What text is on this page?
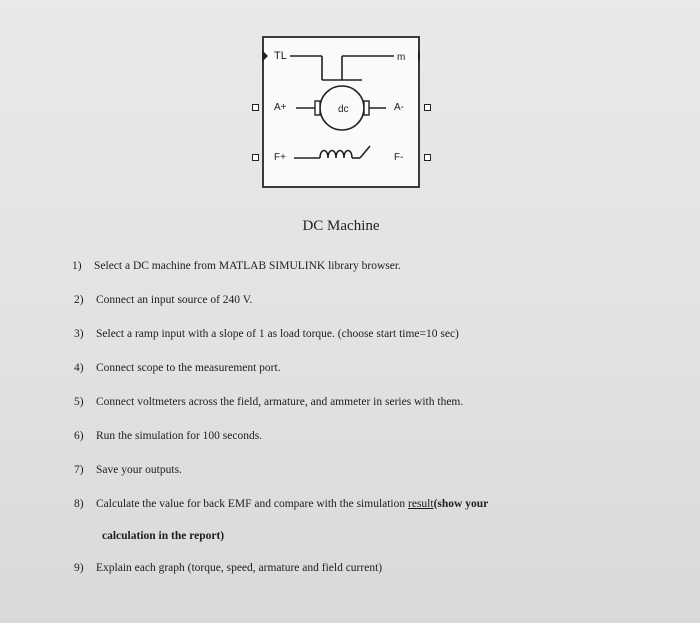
TL	m
dc
A+	A-
F+	F-
DC Machine
1) Select a DC machine from MATLAB SIMULINK library browser.
2) Connect an input source of 240 V.
3) Select a ramp input with a slope of 1 as load torque. (choose start time=10 sec)
4) Connect scope to the measurement port.
5) Connect voltmeters across the field, armature, and ammeter in series with them.
6) Run the simulation for 100 seconds.
7) Save your outputs.
8) Calculate the value for back EMF and compare with the simulation result(show your
calculation in the report)
9) Explain each graph (torque, speed, armature and field current)
